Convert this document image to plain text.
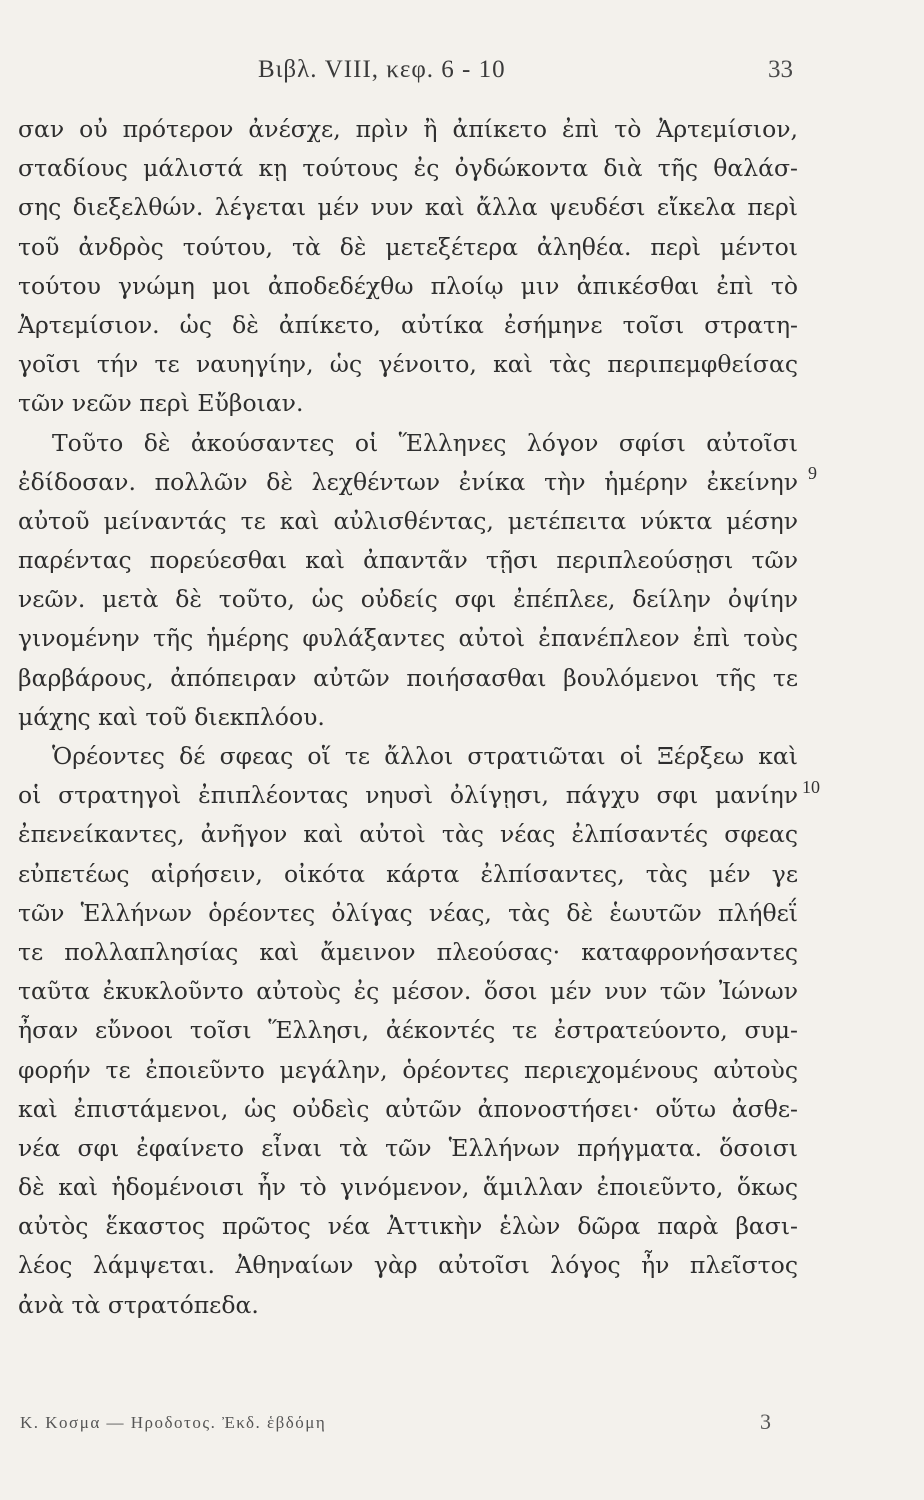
Βιβλ. VIII, κεφ. 6 - 10	33
σαν οὐ πρότερον ἀνέσχε, πρὶν ἢ ἀπίκετο ἐπὶ τὸ Ἀρτεμίσιον,
σταδίους μάλιστά κῃ τούτους ἐς ὀγδώκοντα διὰ τῆς θαλάσ-
σης διεξελθών. λέγεται μέν νυν καὶ ἄλλα ψευδέσι εἴκελα περὶ
τοῦ ἀνδρὸς τούτου, τὰ δὲ μετεξέτερα ἀληθέα. περὶ μέντοι
τούτου γνώμη μοι ἀποδεδέχθω πλοίῳ μιν ἀπικέσθαι ἐπὶ τὸ
Ἀρτεμίσιον. ὡς δὲ ἀπίκετο, αὐτίκα ἐσήμηνε τοῖσι στρατη-
γοῖσι τήν τε ναυηγίην, ὡς γένοιτο, καὶ τὰς περιπεμφθείσας
τῶν νεῶν περὶ Εὔβοιαν.
Τοῦτο δὲ ἀκούσαντες οἱ Ἕλληνες λόγον σφίσι αὐτοῖσι
ἐδίδοσαν. πολλῶν δὲ λεχθέντων ἐνίκα τὴν ἡμέρην ἐκείνην
αὐτοῦ μείναντάς τε καὶ αὐλισθέντας, μετέπειτα νύκτα μέσην
παρέντας πορεύεσθαι καὶ ἀπαντᾶν τῇσι περιπλεούσῃσι τῶν
νεῶν. μετὰ δὲ τοῦτο, ὡς οὐδείς σφι ἐπέπλεε, δείλην ὀψίην
γινομένην τῆς ἡμέρης φυλάξαντες αὐτοὶ ἐπανέπλεον ἐπὶ τοὺς
βαρβάρους, ἀπόπειραν αὐτῶν ποιήσασθαι βουλόμενοι τῆς τε
μάχης καὶ τοῦ διεκπλόου.
Ὁρέοντες δέ σφεας οἵ τε ἄλλοι στρατιῶται οἱ Ξέρξεω καὶ
οἱ στρατηγοὶ ἐπιπλέοντας νηυσὶ ὀλίγῃσι, πάγχυ σφι μανίην
ἐπενείκαντες, ἀνῆγον καὶ αὐτοὶ τὰς νέας ἐλπίσαντές σφεας
εὐπετέως αἱρήσειν, οἰκότα κάρτα ἐλπίσαντες, τὰς μέν γε
τῶν Ἑλλήνων ὁρέοντες ὀλίγας νέας, τὰς δὲ ἑωυτῶν πλήθεΐ
τε πολλαπλησίας καὶ ἄμεινον πλεούσας· καταφρονήσαντες
ταῦτα ἐκυκλοῦντο αὐτοὺς ἐς μέσον. ὅσοι μέν νυν τῶν Ἰώνων
ἦσαν εὔνοοι τοῖσι Ἕλλησι, ἀέκοντές τε ἐστρατεύοντο, συμ-
φορήν τε ἐποιεῦντο μεγάλην, ὁρέοντες περιεχομένους αὐτοὺς
καὶ ἐπιστάμενοι, ὡς οὐδεὶς αὐτῶν ἀπονοστήσει· οὕτω ἀσθε-
νέα σφι ἐφαίνετο εἶναι τὰ τῶν Ἑλλήνων πρήγματα. ὅσοισι
δὲ καὶ ἡδομένοισι ἦν τὸ γινόμενον, ἅμιλλαν ἐποιεῦντο, ὅκως
αὐτὸς ἕκαστος πρῶτος νέα Ἀττικὴν ἑλὼν δῶρα παρὰ βασι-
λέος λάμψεται. Ἀθηναίων γὰρ αὐτοῖσι λόγος ἦν πλεῖστος
ἀνὰ τὰ στρατόπεδα.
9
10
Κ. Κοσμα — Ηροδοτος. Ἐκδ. ἑβδόμη	3
